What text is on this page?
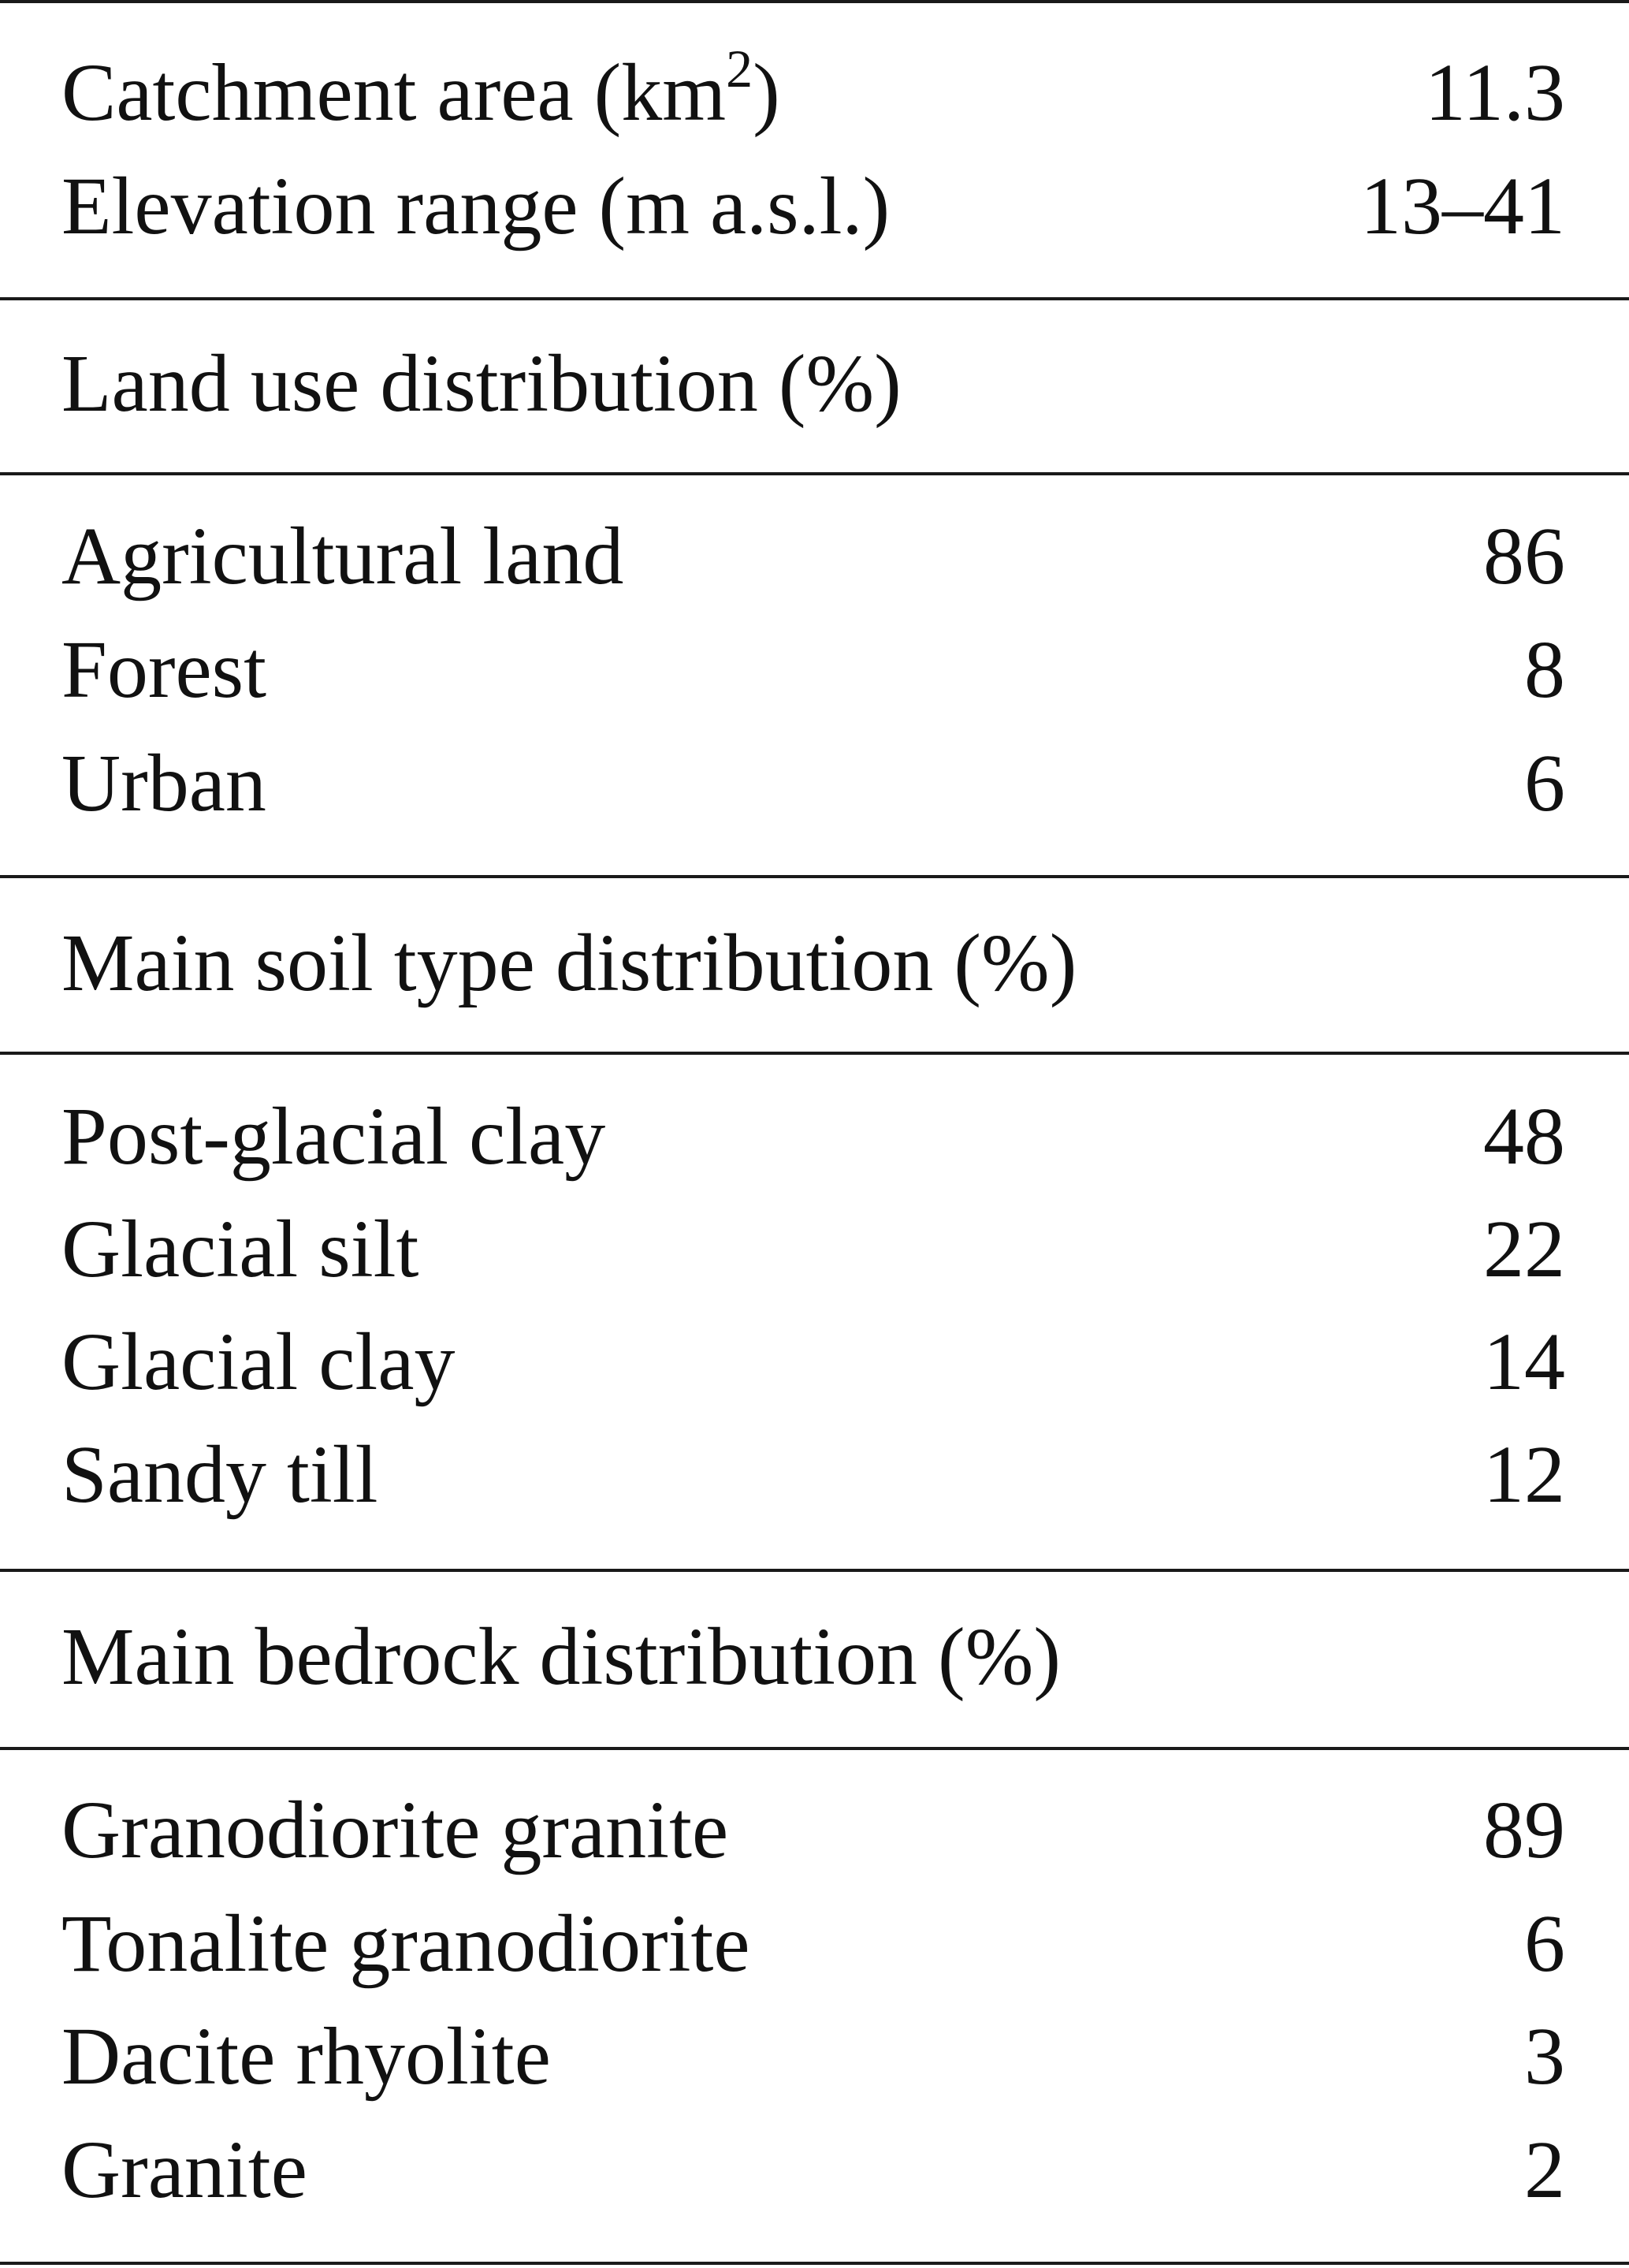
Catchment area $(km^2)$	11.3
Elevation range (m a.s.l.)	13–41
Land use distribution (%)
Agricultural land	86
Forest	8
Urban	6
Main soil type distribution (%)
Post-glacial clay	48
Glacial silt	22
Glacial clay	14
Sandy till	12
Main bedrock distribution (%)
Granodiorite granite	89
Tonalite granodiorite	6
Dacite rhyolite	3
Granite	2
